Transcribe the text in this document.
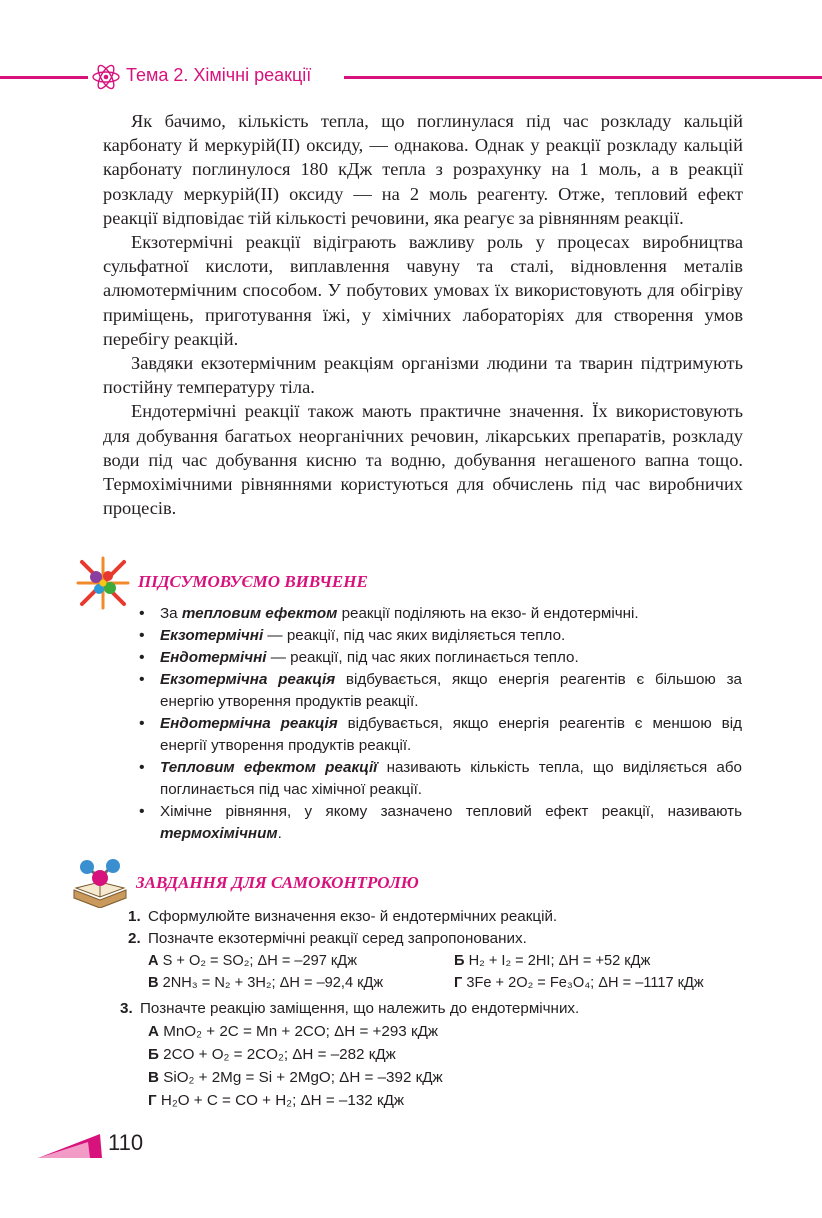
Тема 2. Хімічні реакції

Як бачимо, кількість тепла, що поглинулася під час розкладу кальцій карбонату й меркурій(II) оксиду, — однакова. Однак у реакції розкладу кальцій карбонату поглинулося 180 кДж тепла з розрахунку на 1 моль, а в реакції розкладу меркурій(II) оксиду — на 2 моль реагенту. Отже, тепловий ефект реакції відповідає тій кількості речовини, яка реагує за рівнянням реакції.

Екзотермічні реакції відіграють важливу роль у процесах виробництва сульфатної кислоти, виплавлення чавуну та сталі, відновлення металів алюмотермічним способом. У побутових умовах їх використовують для обігріву приміщень, приготування їжі, у хімічних лабораторіях для створення умов перебігу реакцій.

Завдяки екзотермічним реакціям організми людини та тварин підтримують постійну температуру тіла.

Ендотермічні реакції також мають практичне значення. Їх використовують для добування багатьох неорганічних речовин, лікарських препаратів, розкладу води під час добування кисню та водню, добування негашеного вапна тощо. Термохімічними рівняннями користуються для обчислень під час виробничих процесів.

ПІДСУМОВУЄМО ВИВЧЕНЕ
• За тепловим ефектом реакції поділяють на екзо- й ендотермічні.
• Екзотермічні — реакції, під час яких виділяється тепло.
• Ендотермічні — реакції, під час яких поглинається тепло.
• Екзотермічна реакція відбувається, якщо енергія реагентів є більшою за енергію утворення продуктів реакції.
• Ендотермічна реакція відбувається, якщо енергія реагентів є меншою від енергії утворення продуктів реакції.
• Тепловим ефектом реакції називають кількість тепла, що виділяється або поглинається під час хімічної реакції.
• Хімічне рівняння, у якому зазначено тепловий ефект реакції, називають термохімічним.
ЗАВДАННЯ ДЛЯ САМОКОНТРОЛЮ
1. Сформулюйте визначення екзо- й ендотермічних реакцій.
2. Позначте екзотермічні реакції серед запропонованих.
А S + O₂ = SO₂; ΔH = –297 кДж	Б H₂ + I₂ = 2HI; ΔH = +52 кДж
В 2NH₃ = N₂ + 3H₂; ΔH = –92,4 кДж	Г 3Fe + 2O₂ = Fe₃O₄; ΔH = –1117 кДж
3. Позначте реакцію заміщення, що належить до ендотермічних.
А MnO₂ + 2C = Mn + 2CO; ΔH = +293 кДж
Б 2CO + O₂ = 2CO₂; ΔH = –282 кДж
В SiO₂ + 2Mg = Si + 2MgO; ΔH = –392 кДж
Г H₂O + C = CO + H₂; ΔH = –132 кДж
110
